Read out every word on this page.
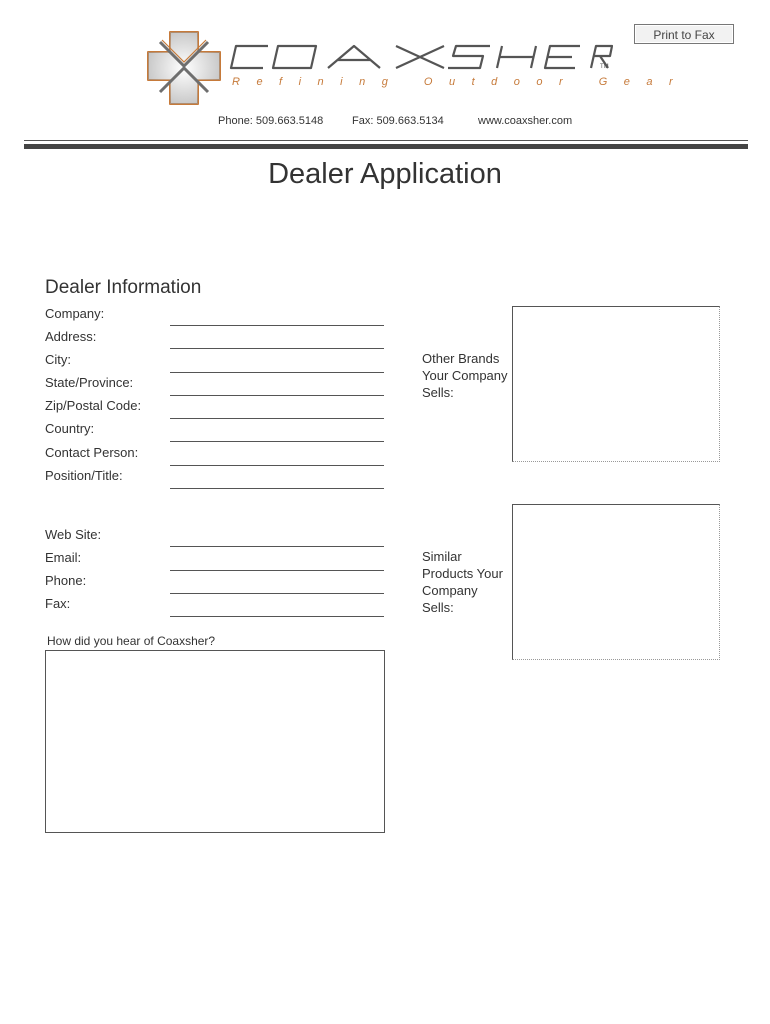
Print to Fax
TM
Refining Outdoor Gear
Phone: 509.663.5148	Fax: 509.663.5134	www.coaxsher.com
Dealer Application
Dealer Information
Company:
Address:
City:
State/Province:
Zip/Postal Code:
Country:
Contact Person:
Position/Title:
Web Site:
Email:
Phone:
Fax:
How did you hear of Coaxsher?
Other Brands Your Company Sells:
Similar Products Your Company Sells:
